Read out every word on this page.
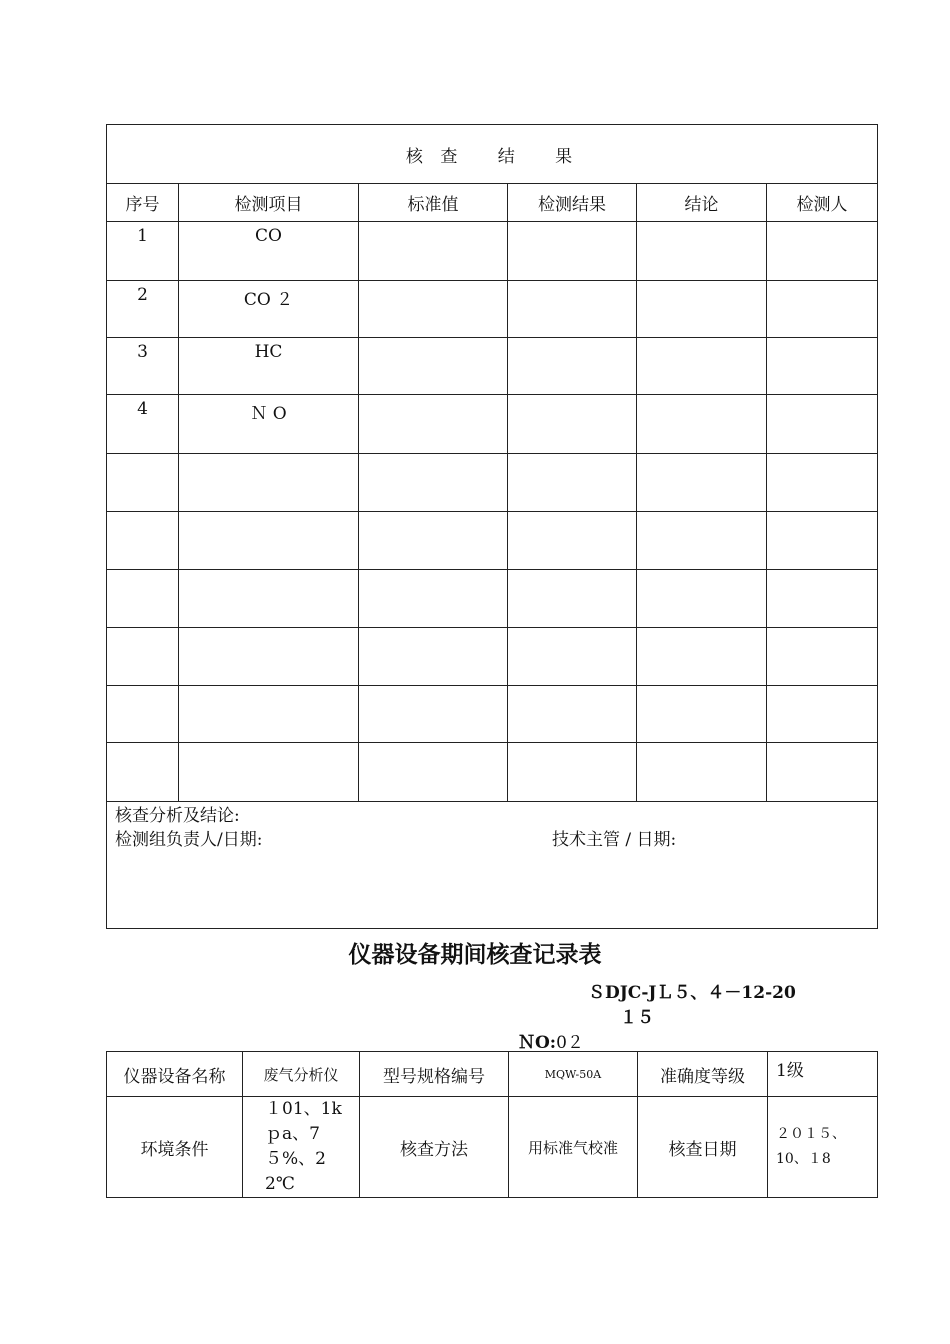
核 查　 结　 果					
序号	检测项目	标准值	检测结果	结论	检测人
1	CO				
2	CO ２				
3	HC				
4	Ｎ O				

核查分析及结论:
检测组负责人/日期: 技术主管 / 日期:					
仪器设备期间核查记录表
ＳDJC-JＬ５、４－12-20
１５
ＮO:0２
仪器设备名称	废气分析仪	型号规格编号	MQW-50A	准确度等级	1级
环境条件	１01、1kｐa、7５%、22℃	核查方法	用标准气校准	核查日期	２０１５、10、１8
